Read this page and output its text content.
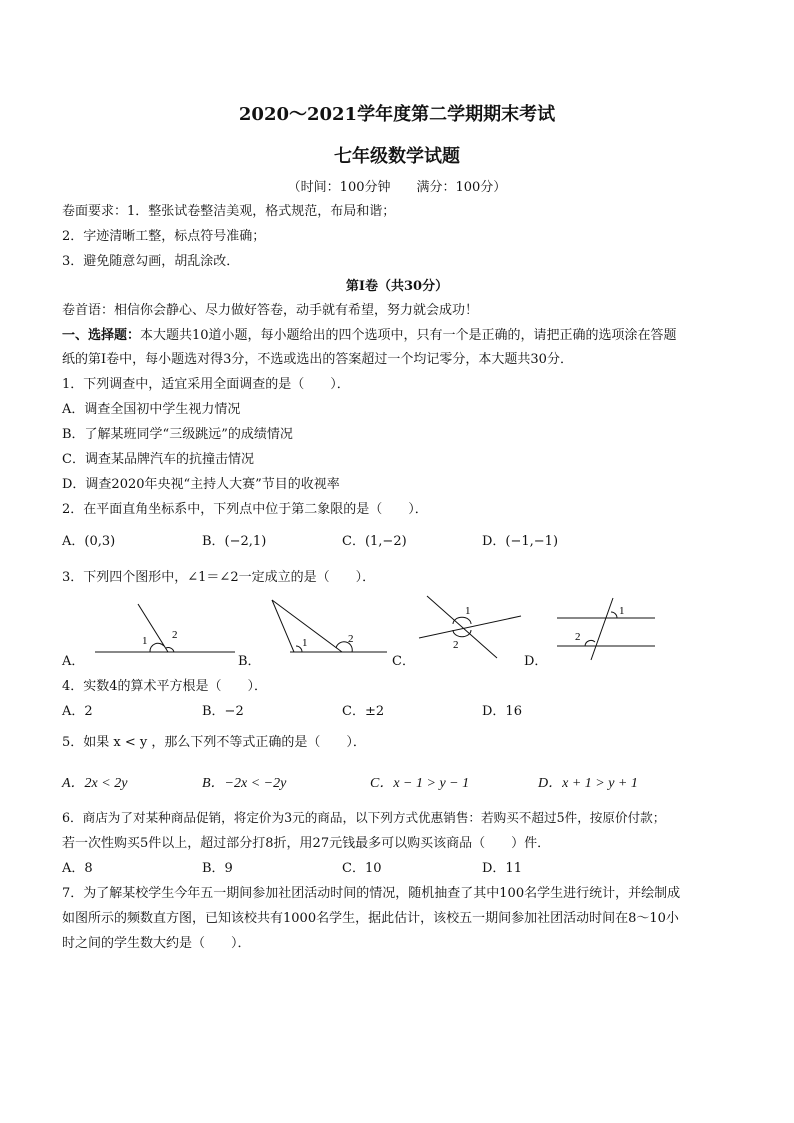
2020～2021学年度第二学期期末考试
七年级数学试题
（时间：100分钟　　满分：100分）
卷面要求：1．整张试卷整洁美观，格式规范，布局和谐；
2．字迹清晰工整，标点符号准确；
3．避免随意勾画，胡乱涂改．
第Ⅰ卷（共30分）
卷首语：相信你会静心、尽力做好答卷，动手就有希望，努力就会成功！
一、选择题：本大题共10道小题，每小题给出的四个选项中，只有一个是正确的，请把正确的选项涂在答题
纸的第Ⅰ卷中，每小题选对得3分，不选或选出的答案超过一个均记零分，本大题共30分．
1．下列调查中，适宜采用全面调查的是（　　）．
A．调查全国初中学生视力情况
B．了解某班同学“三级跳远”的成绩情况
C．调查某品牌汽车的抗撞击情况
D．调查2020年央视“主持人大赛”节目的收视率
2．在平面直角坐标系中，下列点中位于第二象限的是（　　）．
A．(0,3)	B．(−2,1)	C．(1,−2)	D．(−1,−1)
3．下列四个图形中，∠1＝∠2一定成立的是（　　）．
1 2
A．
1	2
B．
1
2
C．
1
2
D．
4．实数4的算术平方根是（　　）．
A．2	B．−2	C．±2	D．16
5．如果 x < y ，那么下列不等式正确的是（　　）．
A．2x < 2y	B．−2x < −2y	C．x − 1 > y − 1	D．x + 1 > y + 1
6．商店为了对某种商品促销，将定价为3元的商品，以下列方式优惠销售：若购买不超过5件，按原价付款；
若一次性购买5件以上，超过部分打8折，用27元钱最多可以购买该商品（　　）件．
A．8	B．9	C．10	D．11
7．为了解某校学生今年五一期间参加社团活动时间的情况，随机抽查了其中100名学生进行统计，并绘制成
如图所示的频数直方图，已知该校共有1000名学生，据此估计，该校五一期间参加社团活动时间在8～10小
时之间的学生数大约是（　　）．
